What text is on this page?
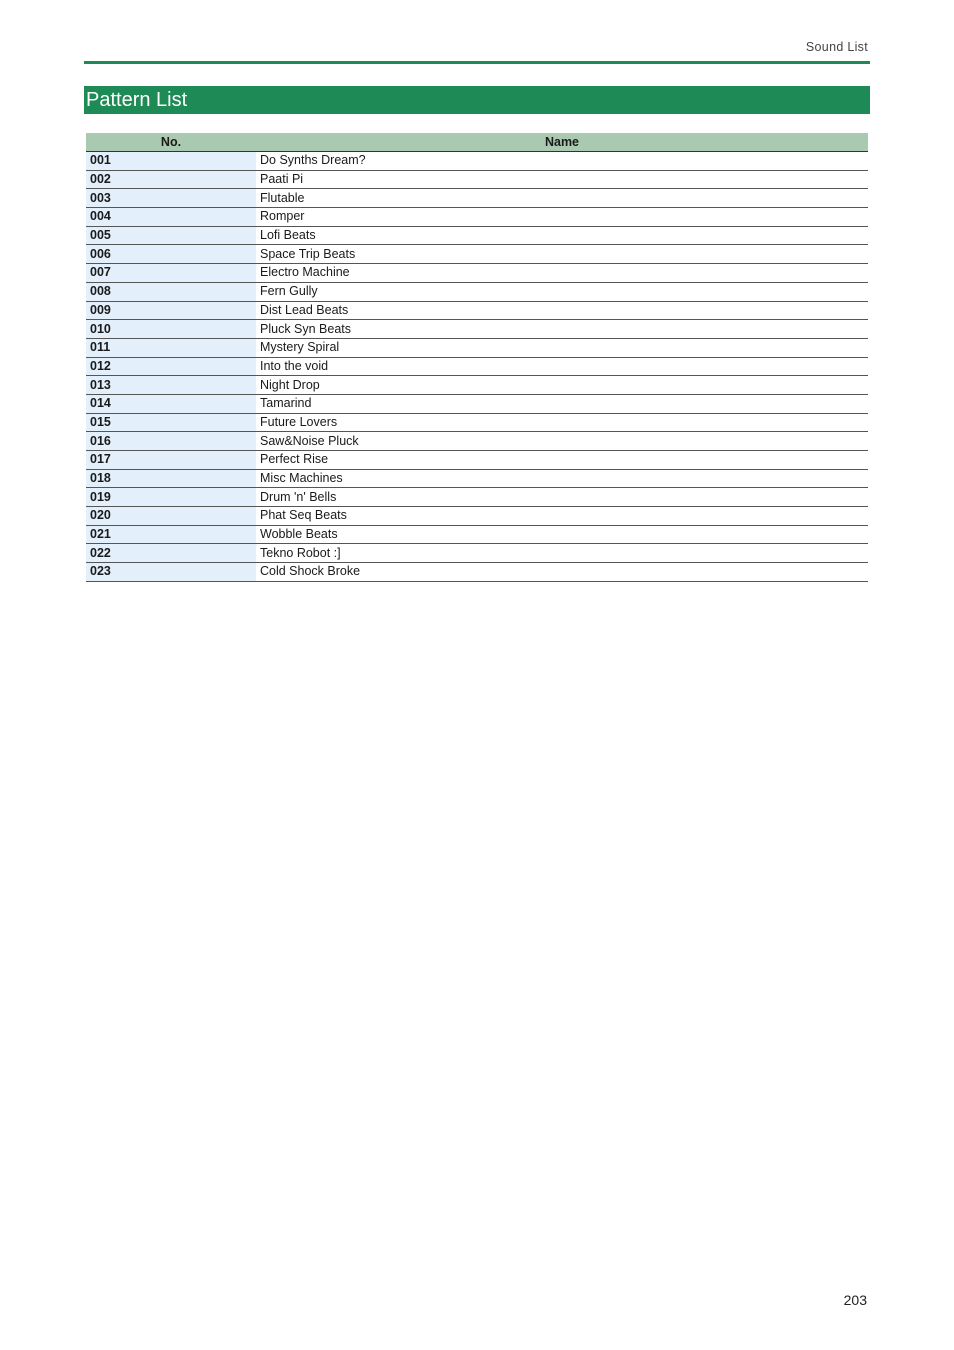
Sound List
Pattern List
No.	Name
001	Do Synths Dream?
002	Paati Pi
003	Flutable
004	Romper
005	Lofi Beats
006	Space Trip Beats
007	Electro Machine
008	Fern Gully
009	Dist Lead Beats
010	Pluck Syn Beats
011	Mystery Spiral
012	Into the void
013	Night Drop
014	Tamarind
015	Future Lovers
016	Saw&Noise Pluck
017	Perfect Rise
018	Misc Machines
019	Drum 'n' Bells
020	Phat Seq Beats
021	Wobble Beats
022	Tekno Robot :]
023	Cold Shock Broke
203
